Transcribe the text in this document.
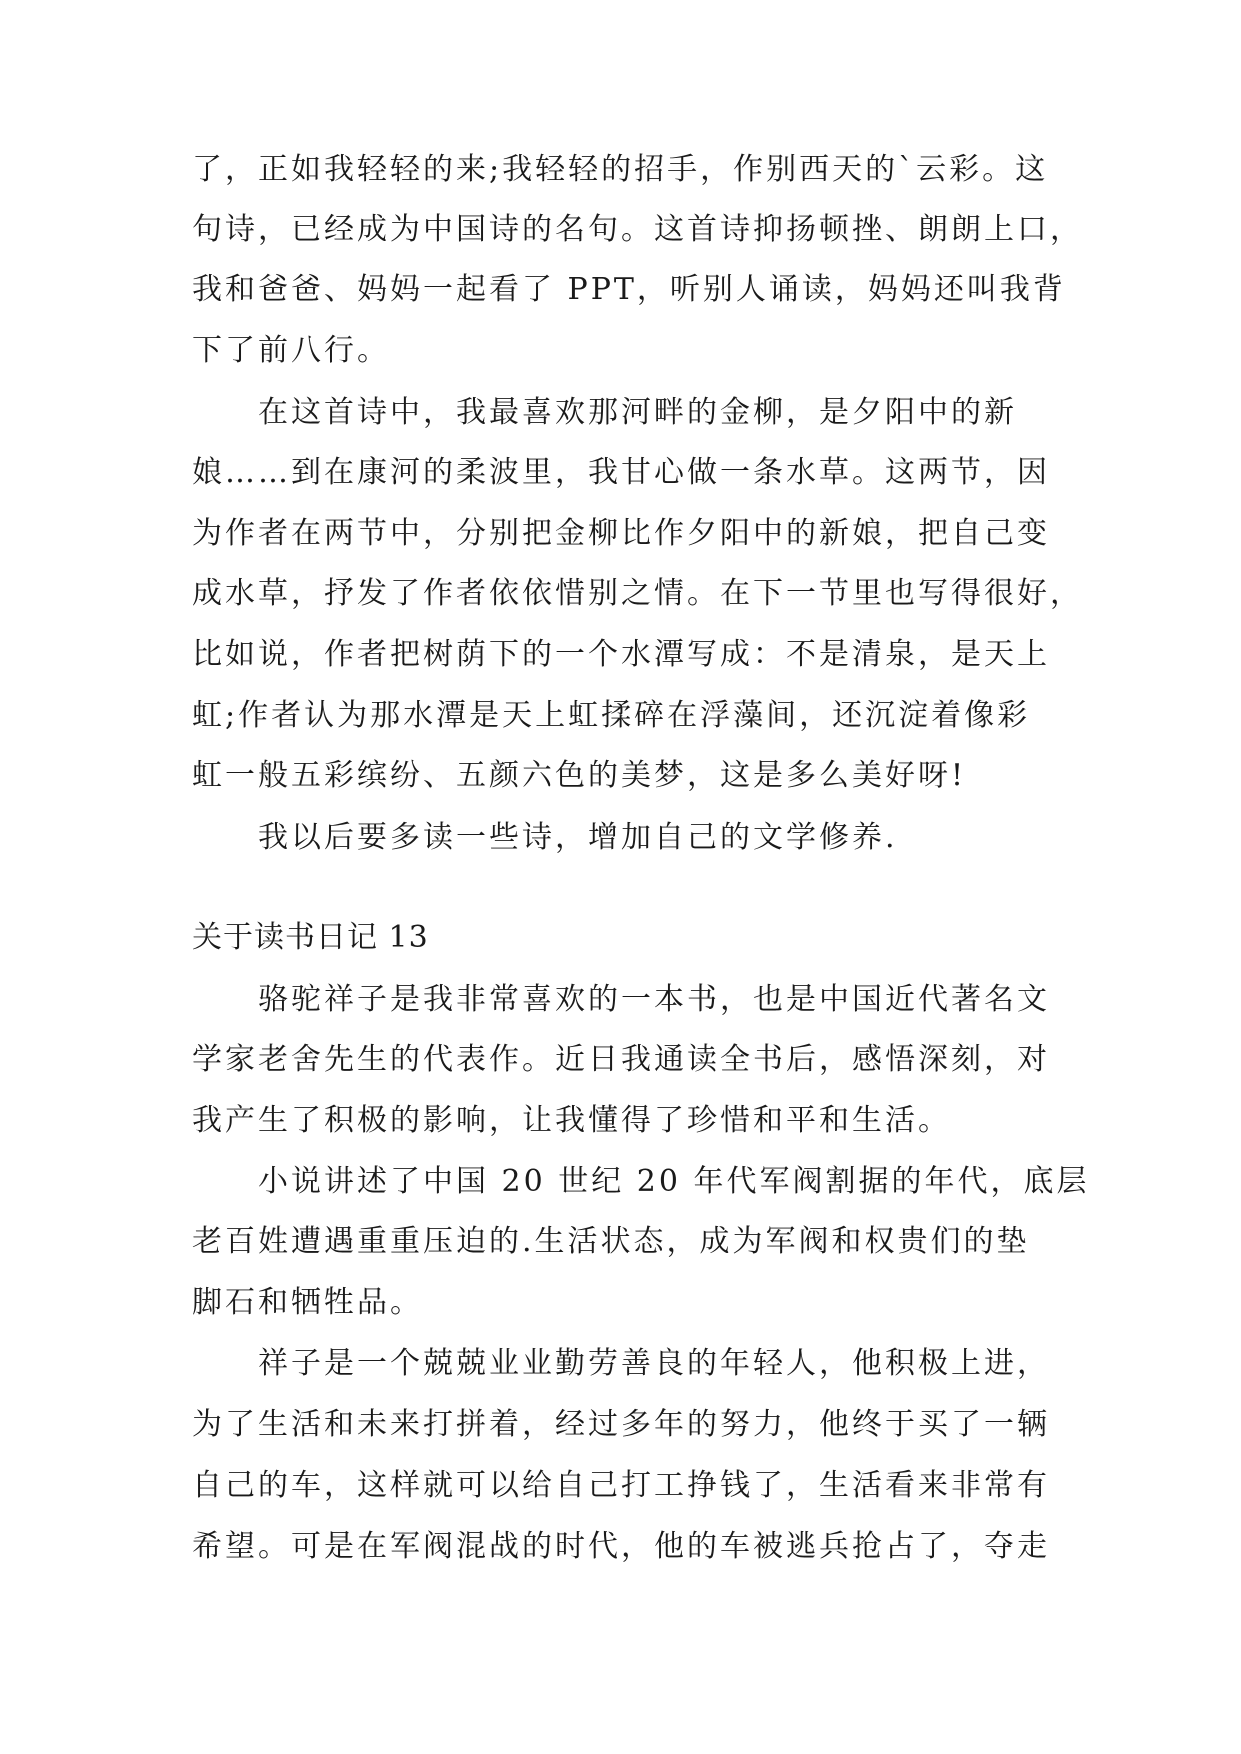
了，正如我轻轻的来;我轻轻的招手，作别西天的`云彩。这
句诗，已经成为中国诗的名句。这首诗抑扬顿挫、朗朗上口，
我和爸爸、妈妈一起看了 PPT，听别人诵读，妈妈还叫我背
下了前八行。
在这首诗中，我最喜欢那河畔的金柳，是夕阳中的新
娘……到在康河的柔波里，我甘心做一条水草。这两节，因
为作者在两节中，分别把金柳比作夕阳中的新娘，把自己变
成水草，抒发了作者依依惜别之情。在下一节里也写得很好，
比如说，作者把树荫下的一个水潭写成：不是清泉，是天上
虹;作者认为那水潭是天上虹揉碎在浮藻间，还沉淀着像彩
虹一般五彩缤纷、五颜六色的美梦，这是多么美好呀!
我以后要多读一些诗，增加自己的文学修养.
关于读书日记 13
骆驼祥子是我非常喜欢的一本书，也是中国近代著名文
学家老舍先生的代表作。近日我通读全书后，感悟深刻，对
我产生了积极的影响，让我懂得了珍惜和平和生活。
小说讲述了中国 20 世纪 20 年代军阀割据的年代，底层
老百姓遭遇重重压迫的.生活状态，成为军阀和权贵们的垫
脚石和牺牲品。
祥子是一个兢兢业业勤劳善良的年轻人，他积极上进，
为了生活和未来打拼着，经过多年的努力，他终于买了一辆
自己的车，这样就可以给自己打工挣钱了，生活看来非常有
希望。可是在军阀混战的时代，他的车被逃兵抢占了，夺走
